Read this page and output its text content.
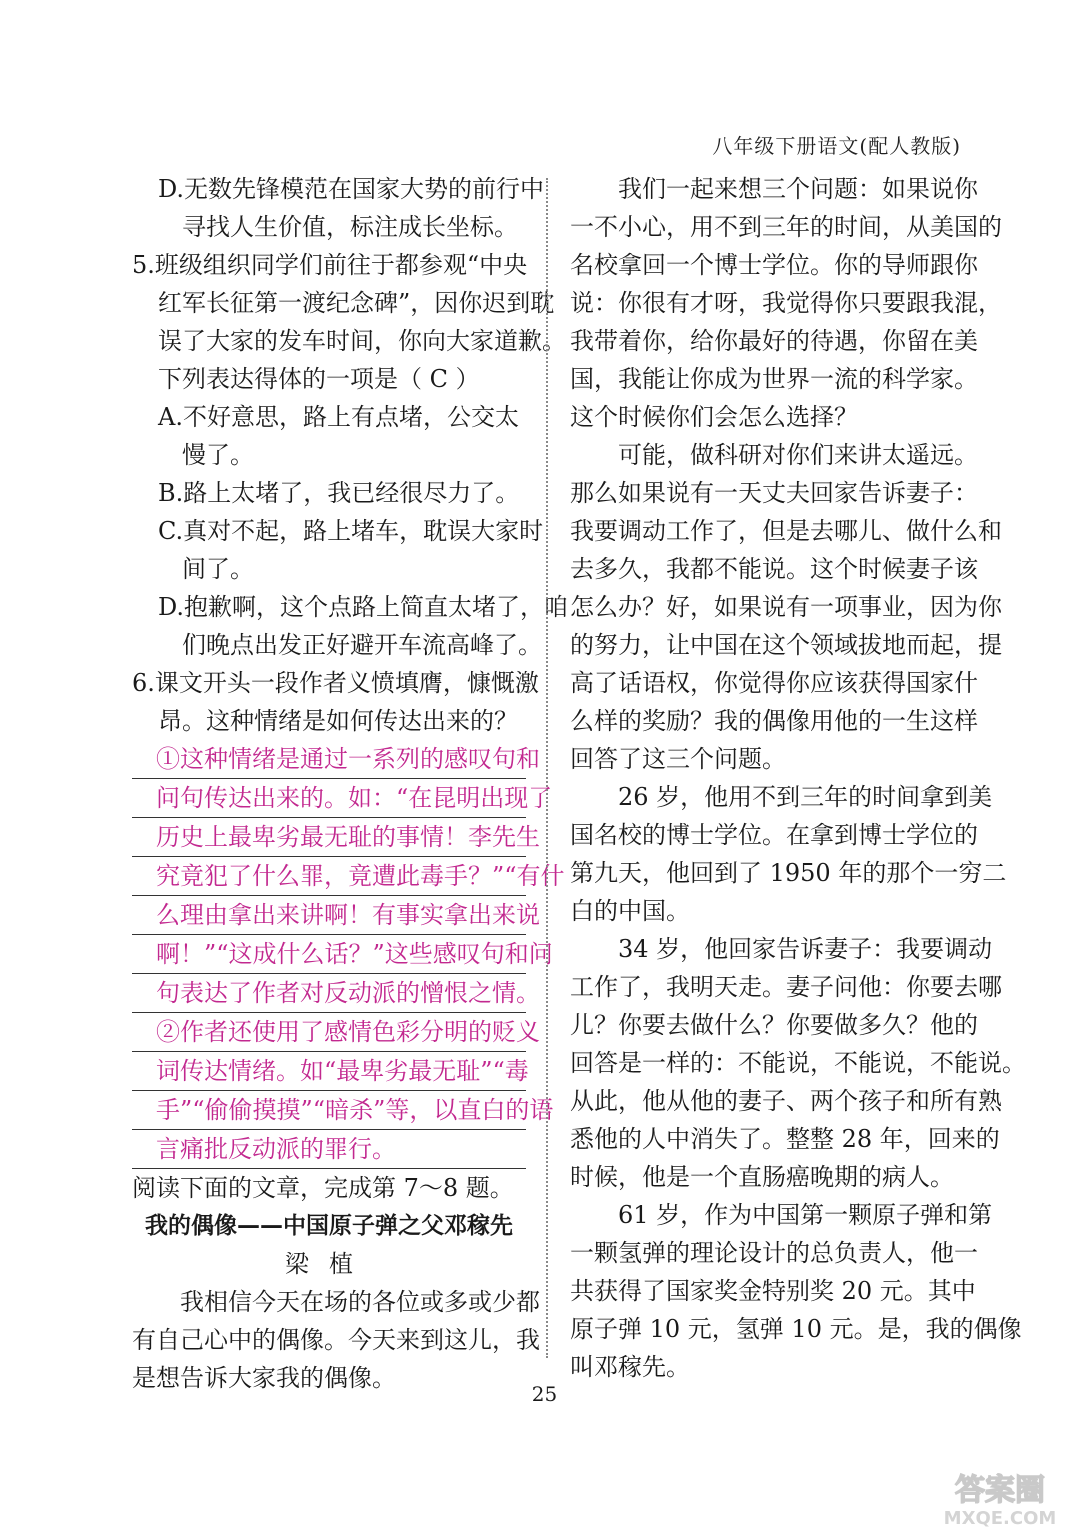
八年级下册语文(配人教版)
D.无数先锋模范在国家大势的前行中
寻找人生价值，标注成长坐标。
5.班级组织同学们前往于都参观“中央
红军长征第一渡纪念碑”，因你迟到耽
误了大家的发车时间，你向大家道歉。
下列表达得体的一项是（ C ）
A.不好意思，路上有点堵，公交太
慢了。
B.路上太堵了，我已经很尽力了。
C.真对不起，路上堵车，耽误大家时
间了。
D.抱歉啊，这个点路上简直太堵了，咱
们晚点出发正好避开车流高峰了。
6.课文开头一段作者义愤填膺，慷慨激
昂。这种情绪是如何传达出来的？
①这种情绪是通过一系列的感叹句和
问句传达出来的。如：“在昆明出现了
历史上最卑劣最无耻的事情！李先生
究竟犯了什么罪，竟遭此毒手？”“有什
么理由拿出来讲啊！有事实拿出来说
啊！”“这成什么话？”这些感叹句和问
句表达了作者对反动派的憎恨之情。
②作者还使用了感情色彩分明的贬义
词传达情绪。如“最卑劣最无耻”“毒
手”“偷偷摸摸”“暗杀”等，以直白的语
言痛批反动派的罪行。
阅读下面的文章，完成第 7～8 题。
我的偶像——中国原子弹之父邓稼先
梁植
我相信今天在场的各位或多或少都
有自己心中的偶像。今天来到这儿，我
是想告诉大家我的偶像。
我们一起来想三个问题：如果说你
一不小心，用不到三年的时间，从美国的
名校拿回一个博士学位。你的导师跟你
说：你很有才呀，我觉得你只要跟我混，
我带着你，给你最好的待遇，你留在美
国，我能让你成为世界一流的科学家。
这个时候你们会怎么选择？
可能，做科研对你们来讲太遥远。
那么如果说有一天丈夫回家告诉妻子：
我要调动工作了，但是去哪儿、做什么和
去多久，我都不能说。这个时候妻子该
怎么办？好，如果说有一项事业，因为你
的努力，让中国在这个领域拔地而起，提
高了话语权，你觉得你应该获得国家什
么样的奖励？我的偶像用他的一生这样
回答了这三个问题。
26 岁，他用不到三年的时间拿到美
国名校的博士学位。在拿到博士学位的
第九天，他回到了 1950 年的那个一穷二
白的中国。
34 岁，他回家告诉妻子：我要调动
工作了，我明天走。妻子问他：你要去哪
儿？你要去做什么？你要做多久？他的
回答是一样的：不能说，不能说，不能说。
从此，他从他的妻子、两个孩子和所有熟
悉他的人中消失了。整整 28 年，回来的
时候，他是一个直肠癌晚期的病人。
61 岁，作为中国第一颗原子弹和第
一颗氢弹的理论设计的总负责人，他一
共获得了国家奖金特别奖 20 元。其中
原子弹 10 元，氢弹 10 元。是，我的偶像
叫邓稼先。
25
答案圈
MXQE.COM
